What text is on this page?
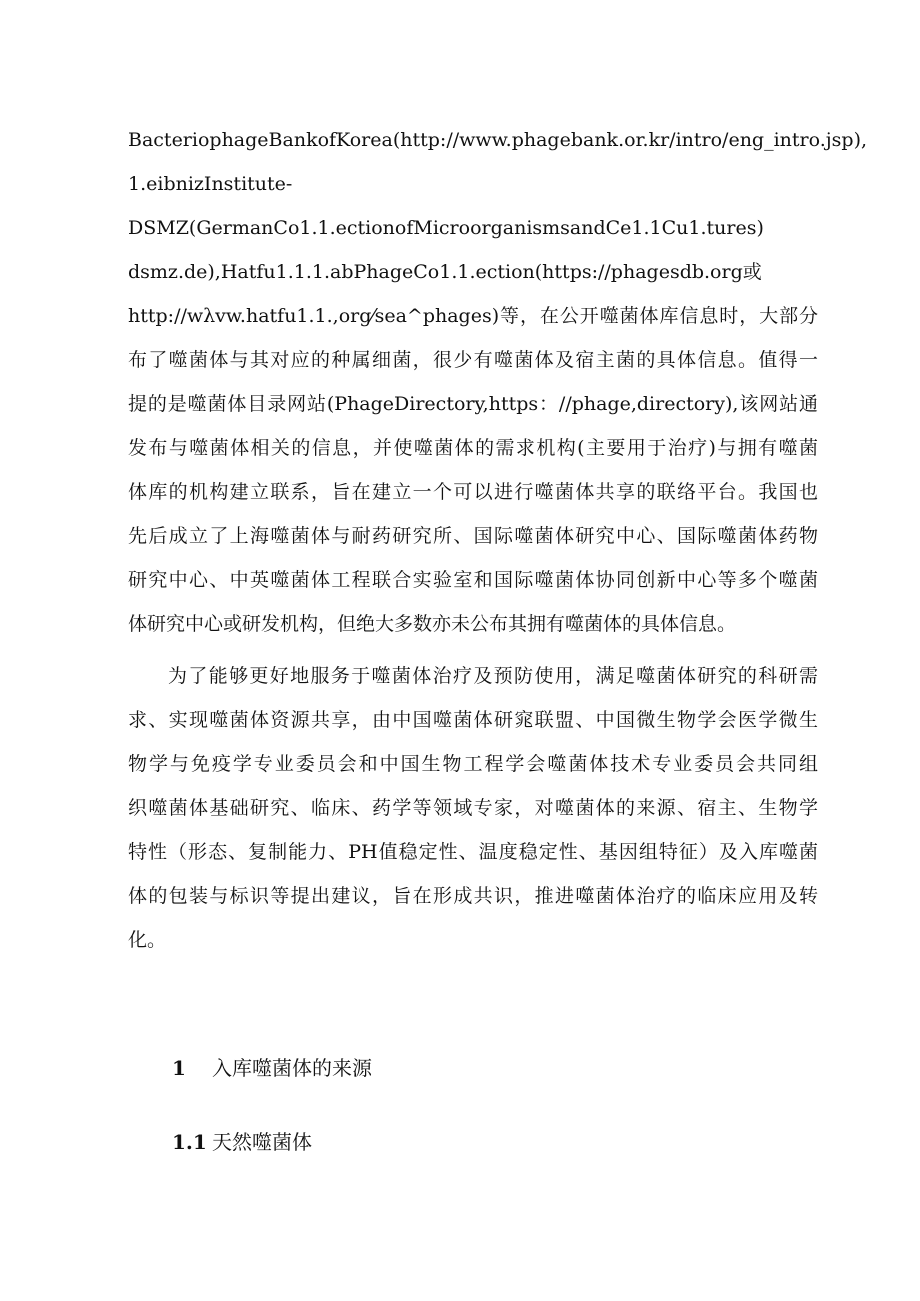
BacteriophageBankofKorea(http://www.phagebank.or.kr/intro/eng_intro.jsp),
1.eibnizInstitute-
DSMZ(GermanCo1.1.ectionofMicroorganismsandCe1.1Cu1.tures)
dsmz.de),Hatfu1.1.1.abPhageCo1.1.ection(https://phagesdb.org或
http://wλvw.hatfu1.1.,org⁄sea^phages)等，在公开噬菌体库信息时，大部分
布了噬菌体与其对应的种属细菌，很少有噬菌体及宿主菌的具体信息。值得一
提的是噬菌体目录网站(PhageDirectory,https：//phage,directory),该网站通
发布与噬菌体相关的信息，并使噬菌体的需求机构(主要用于治疗)与拥有噬菌
体库的机构建立联系，旨在建立一个可以进行噬菌体共享的联络平台。我国也
先后成立了上海噬菌体与耐药研究所、国际噬菌体研究中心、国际噬菌体药物
研究中心、中英噬菌体工程联合实验室和国际噬菌体协同创新中心等多个噬菌
体研究中心或研发机构，但绝大多数亦未公布其拥有噬菌体的具体信息。
为了能够更好地服务于噬菌体治疗及预防使用，满足噬菌体研究的科研需
求、实现噬菌体资源共享，由中国噬菌体研窕联盟、中国微生物学会医学微生
物学与免疫学专业委员会和中国生物工程学会噬菌体技术专业委员会共同组
织噬菌体基础研究、临床、药学等领域专家，对噬菌体的来源、宿主、生物学
特性（形态、复制能力、PH值稳定性、温度稳定性、基因组特征）及入库噬菌
体的包装与标识等提出建议，旨在形成共识，推进噬菌体治疗的临床应用及转
化。
1 入库噬菌体的来源
1.1 天然噬菌体
